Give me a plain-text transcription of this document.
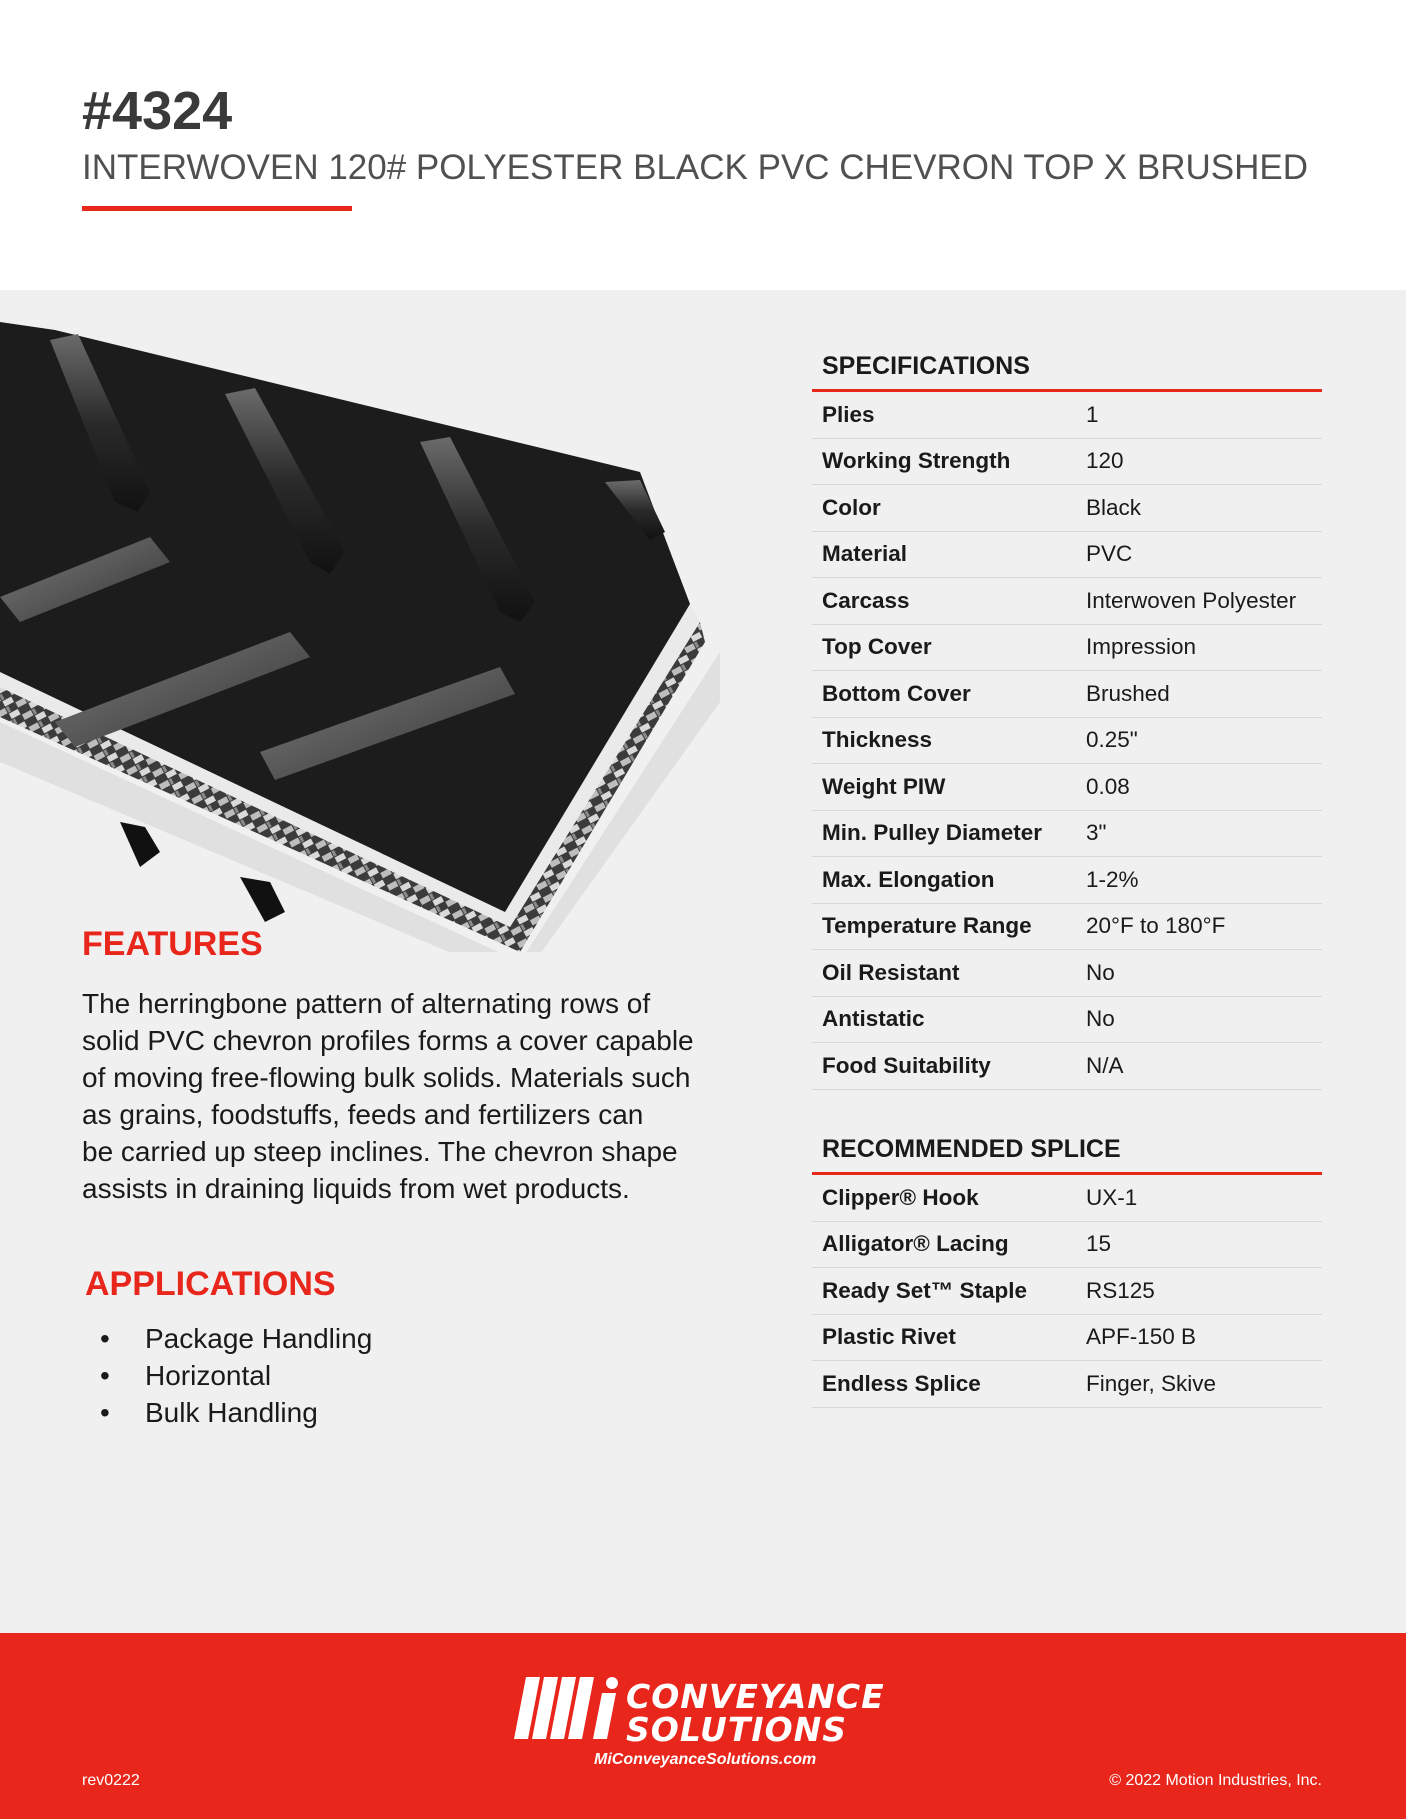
#4324
INTERWOVEN 120# POLYESTER BLACK PVC CHEVRON TOP X BRUSHED
FEATURES
The herringbone pattern of alternating rows of
solid PVC chevron profiles forms a cover capable
of moving free-flowing bulk solids. Materials such
as grains, foodstuffs, feeds and fertilizers can
be carried up steep inclines. The chevron shape
assists in draining liquids from wet products.
APPLICATIONS
• Package Handling
• Horizontal
• Bulk Handling
SPECIFICATIONS
Plies	1
Working Strength	120
Color	Black
Material	PVC
Carcass	Interwoven Polyester
Top Cover	Impression
Bottom Cover	Brushed
Thickness	0.25"
Weight PIW	0.08
Min. Pulley Diameter	3"
Max. Elongation	1-2%
Temperature Range	20°F to 180°F
Oil Resistant	No
Antistatic	No
Food Suitability	N/A
RECOMMENDED SPLICE
Clipper® Hook	UX-1
Alligator® Lacing	15
Ready Set™ Staple	RS125
Plastic Rivet	APF-150 B
Endless Splice	Finger, Skive
CONVEYANCE
SOLUTIONS
MiConveyanceSolutions.com
rev0222	© 2022 Motion Industries, Inc.
